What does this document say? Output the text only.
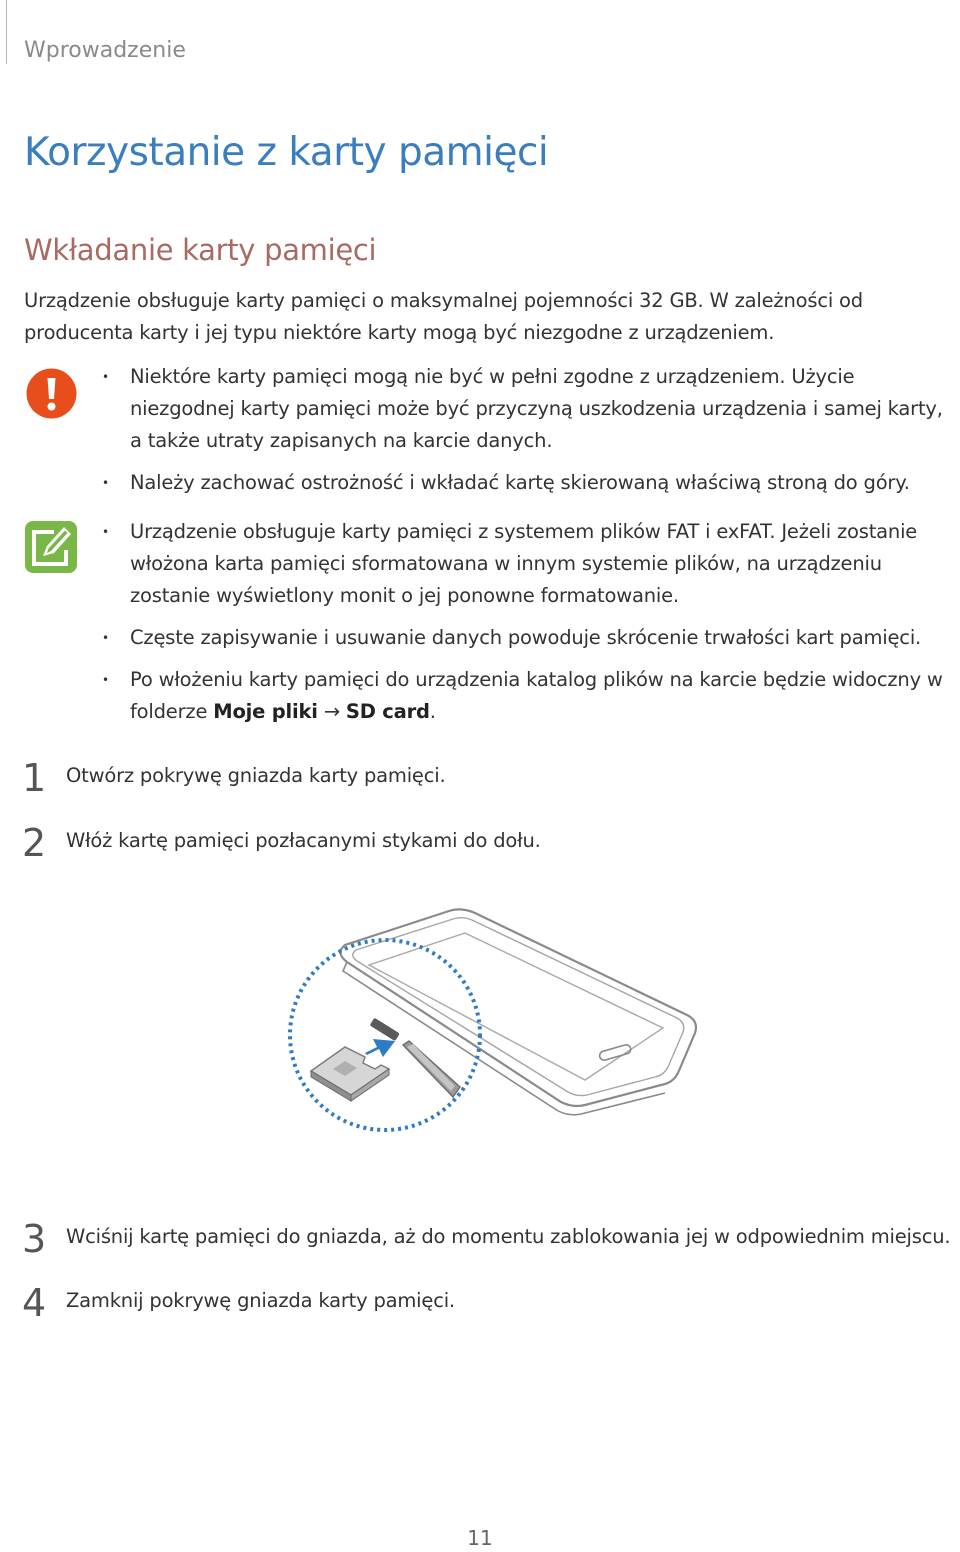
Wprowadzenie
Korzystanie z karty pamięci
Wkładanie karty pamięci

Urządzenie obsługuje karty pamięci o maksymalnej pojemności 32 GB. W zależności od producenta karty i jej typu niektóre karty mogą być niezgodne z urządzeniem.

• Niektóre karty pamięci mogą nie być w pełni zgodne z urządzeniem. Użycie niezgodnej karty pamięci może być przyczyną uszkodzenia urządzenia i samej karty, a także utraty zapisanych na karcie danych.
• Należy zachować ostrożność i wkładać kartę skierowaną właściwą stroną do góry.
• Urządzenie obsługuje karty pamięci z systemem plików FAT i exFAT. Jeżeli zostanie włożona karta pamięci sformatowana w innym systemie plików, na urządzeniu zostanie wyświetlony monit o jej ponowne formatowanie.
• Częste zapisywanie i usuwanie danych powoduje skrócenie trwałości kart pamięci.
• Po włożeniu karty pamięci do urządzenia katalog plików na karcie będzie widoczny w folderze Moje pliki → SD card.
1 Otwórz pokrywę gniazda karty pamięci.
2 Włóż kartę pamięci pozłacanymi stykami do dołu.
3 Wciśnij kartę pamięci do gniazda, aż do momentu zablokowania jej w odpowiednim miejscu.
4 Zamknij pokrywę gniazda karty pamięci.
11
